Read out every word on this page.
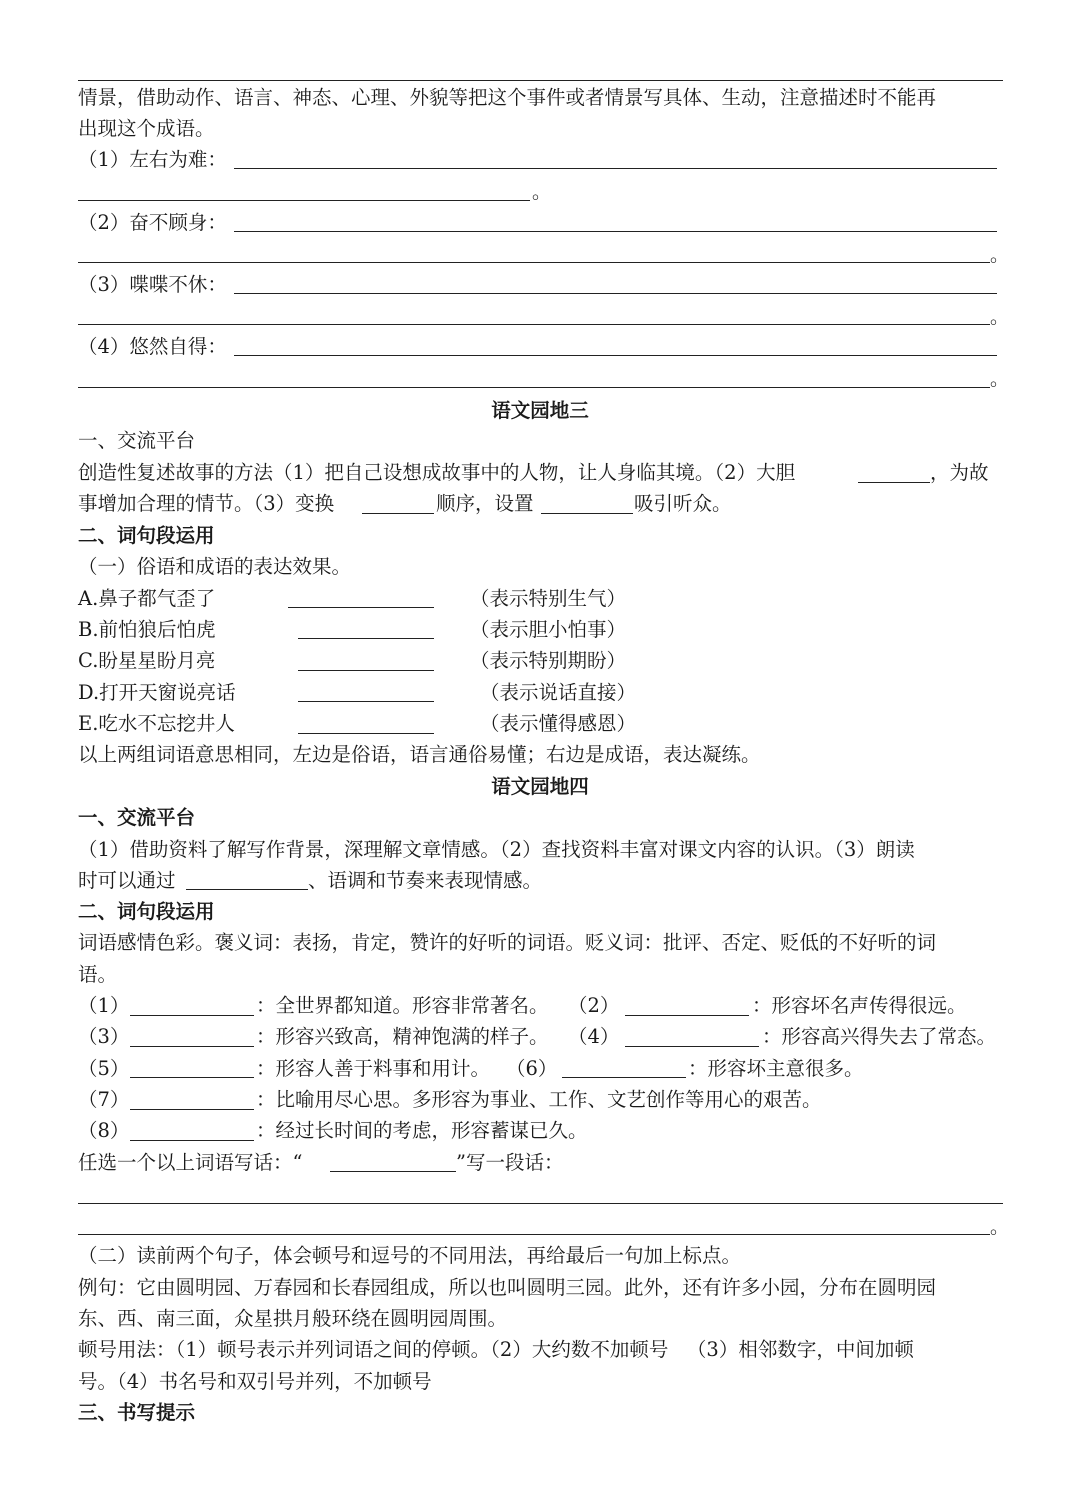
情景，借助动作、语言、神态、心理、外貌等把这个事件或者情景写具体、生动，注意描述时不能再
出现这个成语。
（1）左右为难：
。
（2）奋不顾身：
。
（3）喋喋不休：
。
（4）悠然自得：
。
语文园地三
一、交流平台
创造性复述故事的方法（1）把自己设想成故事中的人物，让人身临其境。（2）大胆	，为故
事增加合理的情节。（3）变换	顺序，设置	吸引听众。
二、词句段运用
（一）俗语和成语的表达效果。
A.鼻子都气歪了	（表示特别生气）
B.前怕狼后怕虎	（表示胆小怕事）
C.盼星星盼月亮	（表示特别期盼）
D.打开天窗说亮话	（表示说话直接）
E.吃水不忘挖井人	（表示懂得感恩）
以上两组词语意思相同，左边是俗语，语言通俗易懂；右边是成语，表达凝练。
语文园地四
一、交流平台
（1）借助资料了解写作背景，深理解文章情感。（2）查找资料丰富对课文内容的认识。（3）朗读
时可以通过	、语调和节奏来表现情感。
二、词句段运用
词语感情色彩。褒义词：表扬，肯定，赞许的好听的词语。贬义词：批评、否定、贬低的不好听的词
语。
（1）	：全世界都知道。形容非常著名。 （2）	：形容坏名声传得很远。
（3）	：形容兴致高，精神饱满的样子。 （4）	：形容高兴得失去了常态。
（5）	：形容人善于料事和用计。 （6）	：形容坏主意很多。
（7）	：比喻用尽心思。多形容为事业、工作、文艺创作等用心的艰苦。
（8）	：经过长时间的考虑，形容蓄谋已久。
任选一个以上词语写话：“	”写一段话：
。
（二）读前两个句子，体会顿号和逗号的不同用法，再给最后一句加上标点。
例句：它由圆明园、万春园和长春园组成，所以也叫圆明三园。此外，还有许多小园，分布在圆明园
东、西、南三面，众星拱月般环绕在圆明园周围。
顿号用法：（1）顿号表示并列词语之间的停顿。（2）大约数不加顿号   （3）相邻数字，中间加顿
号。（4）书名号和双引号并列，不加顿号
三、书写提示
